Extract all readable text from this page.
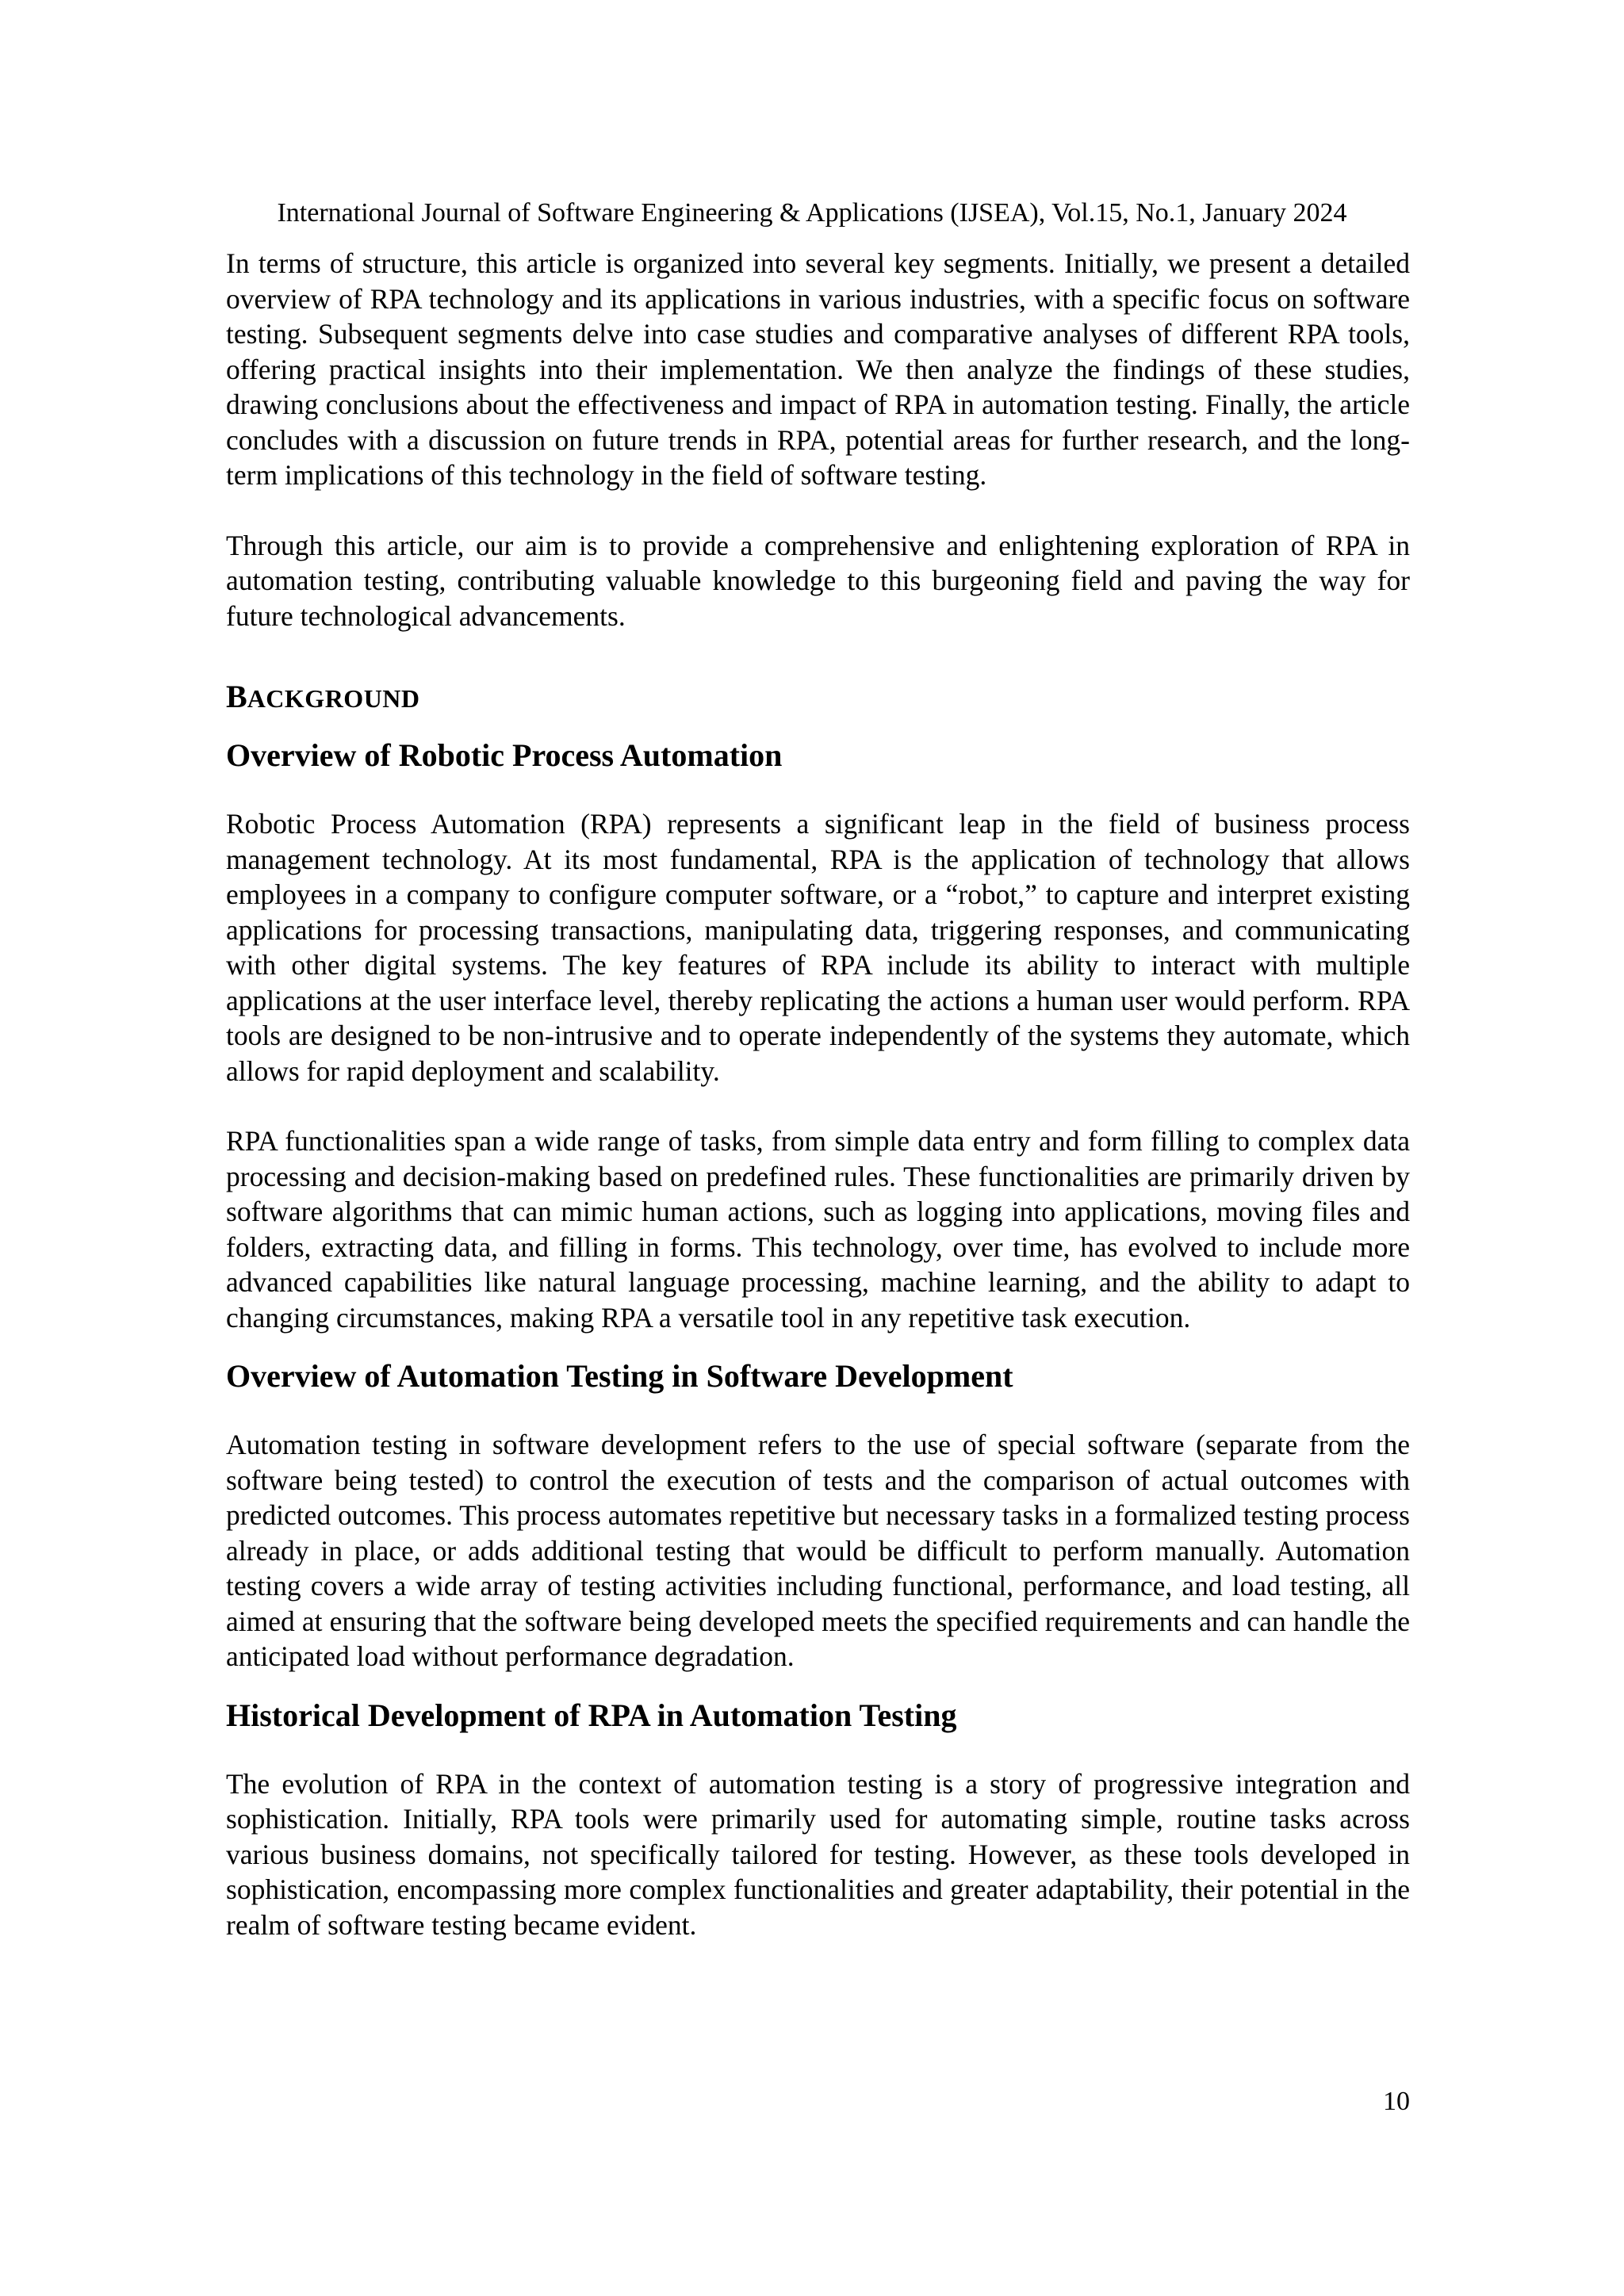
International Journal of Software Engineering & Applications (IJSEA), Vol.15, No.1, January 2024

In terms of structure, this article is organized into several key segments. Initially, we present a detailed overview of RPA technology and its applications in various industries, with a specific focus on software testing. Subsequent segments delve into case studies and comparative analyses of different RPA tools, offering practical insights into their implementation. We then analyze the findings of these studies, drawing conclusions about the effectiveness and impact of RPA in automation testing. Finally, the article concludes with a discussion on future trends in RPA, potential areas for further research, and the long-term implications of this technology in the field of software testing.

Through this article, our aim is to provide a comprehensive and enlightening exploration of RPA in automation testing, contributing valuable knowledge to this burgeoning field and paving the way for future technological advancements.

BACKGROUND
Overview of Robotic Process Automation

Robotic Process Automation (RPA) represents a significant leap in the field of business process management technology. At its most fundamental, RPA is the application of technology that allows employees in a company to configure computer software, or a “robot,” to capture and interpret existing applications for processing transactions, manipulating data, triggering responses, and communicating with other digital systems. The key features of RPA include its ability to interact with multiple applications at the user interface level, thereby replicating the actions a human user would perform. RPA tools are designed to be non-intrusive and to operate independently of the systems they automate, which allows for rapid deployment and scalability.

RPA functionalities span a wide range of tasks, from simple data entry and form filling to complex data processing and decision-making based on predefined rules. These functionalities are primarily driven by software algorithms that can mimic human actions, such as logging into applications, moving files and folders, extracting data, and filling in forms. This technology, over time, has evolved to include more advanced capabilities like natural language processing, machine learning, and the ability to adapt to changing circumstances, making RPA a versatile tool in any repetitive task execution.

Overview of Automation Testing in Software Development

Automation testing in software development refers to the use of special software (separate from the software being tested) to control the execution of tests and the comparison of actual outcomes with predicted outcomes. This process automates repetitive but necessary tasks in a formalized testing process already in place, or adds additional testing that would be difficult to perform manually. Automation testing covers a wide array of testing activities including functional, performance, and load testing, all aimed at ensuring that the software being developed meets the specified requirements and can handle the anticipated load without performance degradation.

Historical Development of RPA in Automation Testing

The evolution of RPA in the context of automation testing is a story of progressive integration and sophistication. Initially, RPA tools were primarily used for automating simple, routine tasks across various business domains, not specifically tailored for testing. However, as these tools developed in sophistication, encompassing more complex functionalities and greater adaptability, their potential in the realm of software testing became evident.

10
